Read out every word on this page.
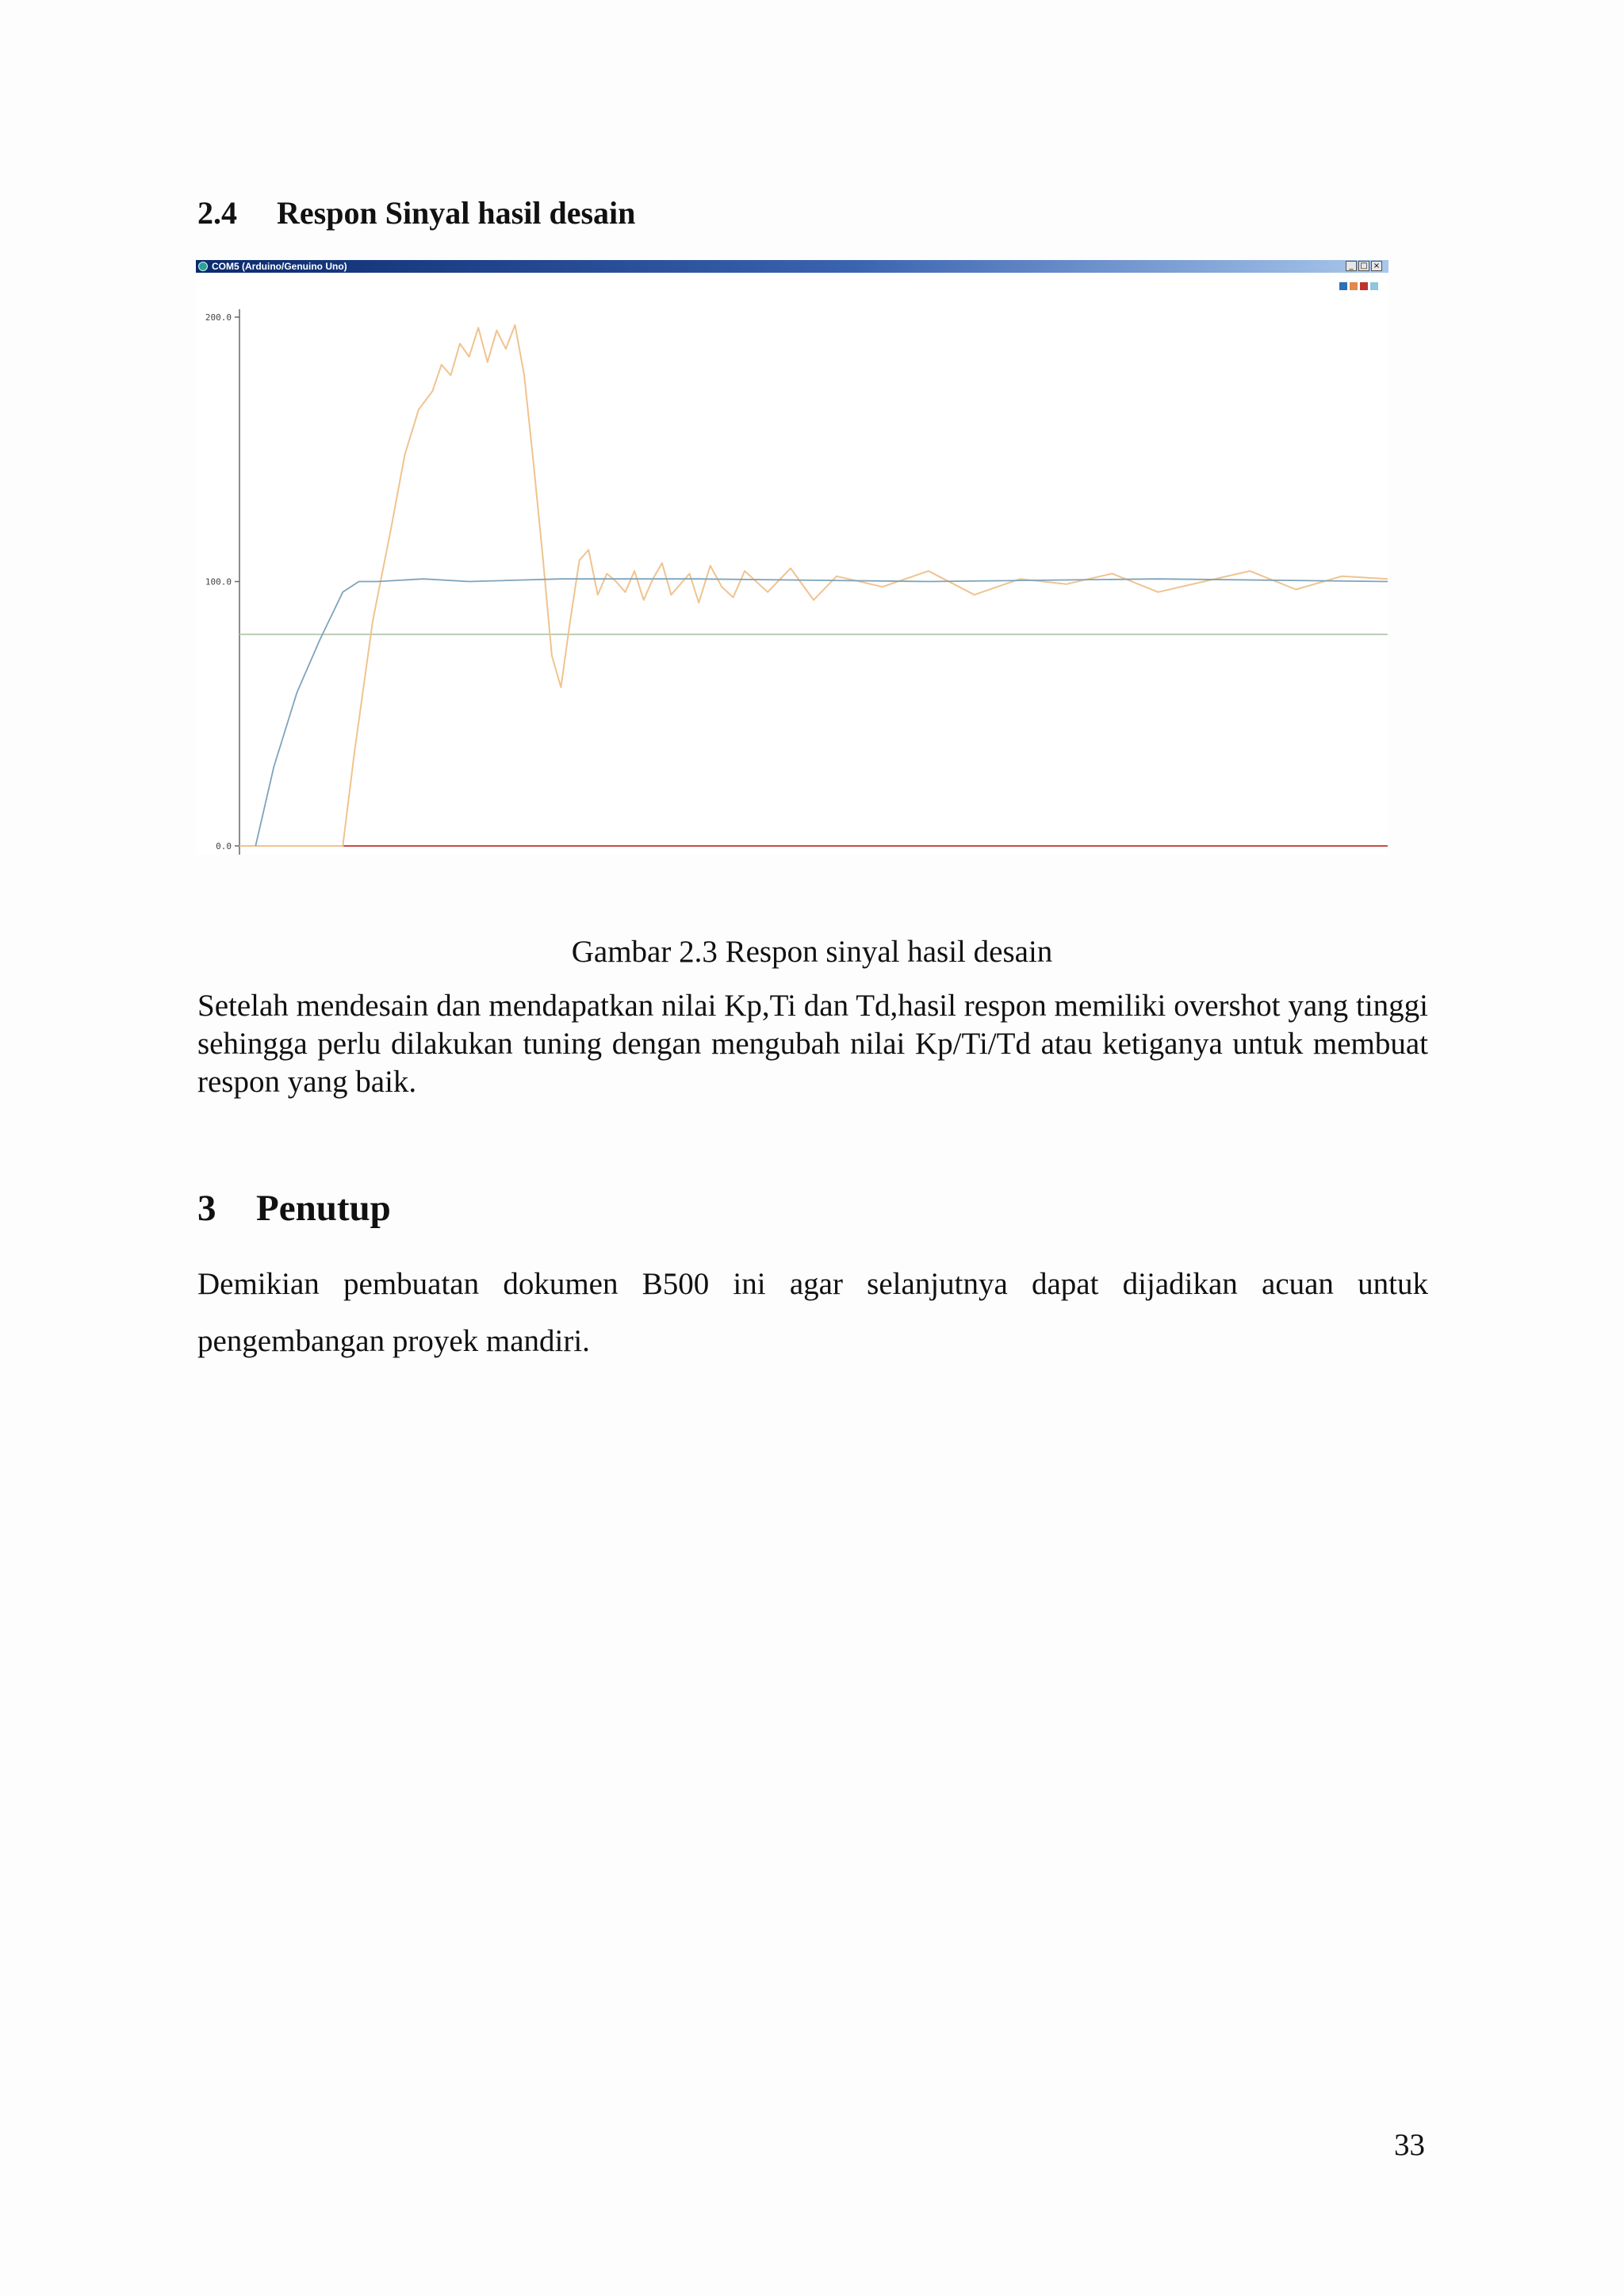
2.4 Respon Sinyal hasil desain
COM5 (Arduino/Genuino Uno)	_ □ ×
0.0
100.0
200.0

Gambar 2.3 Respon sinyal hasil desain

Setelah mendesain dan mendapatkan nilai Kp,Ti dan Td,hasil respon memiliki overshot yang tinggi sehingga perlu dilakukan tuning dengan mengubah nilai Kp/Ti/Td atau ketiganya untuk membuat respon yang baik.

3 Penutup

Demikian pembuatan dokumen B500 ini agar selanjutnya dapat dijadikan acuan untuk pengembangan proyek mandiri.

33
